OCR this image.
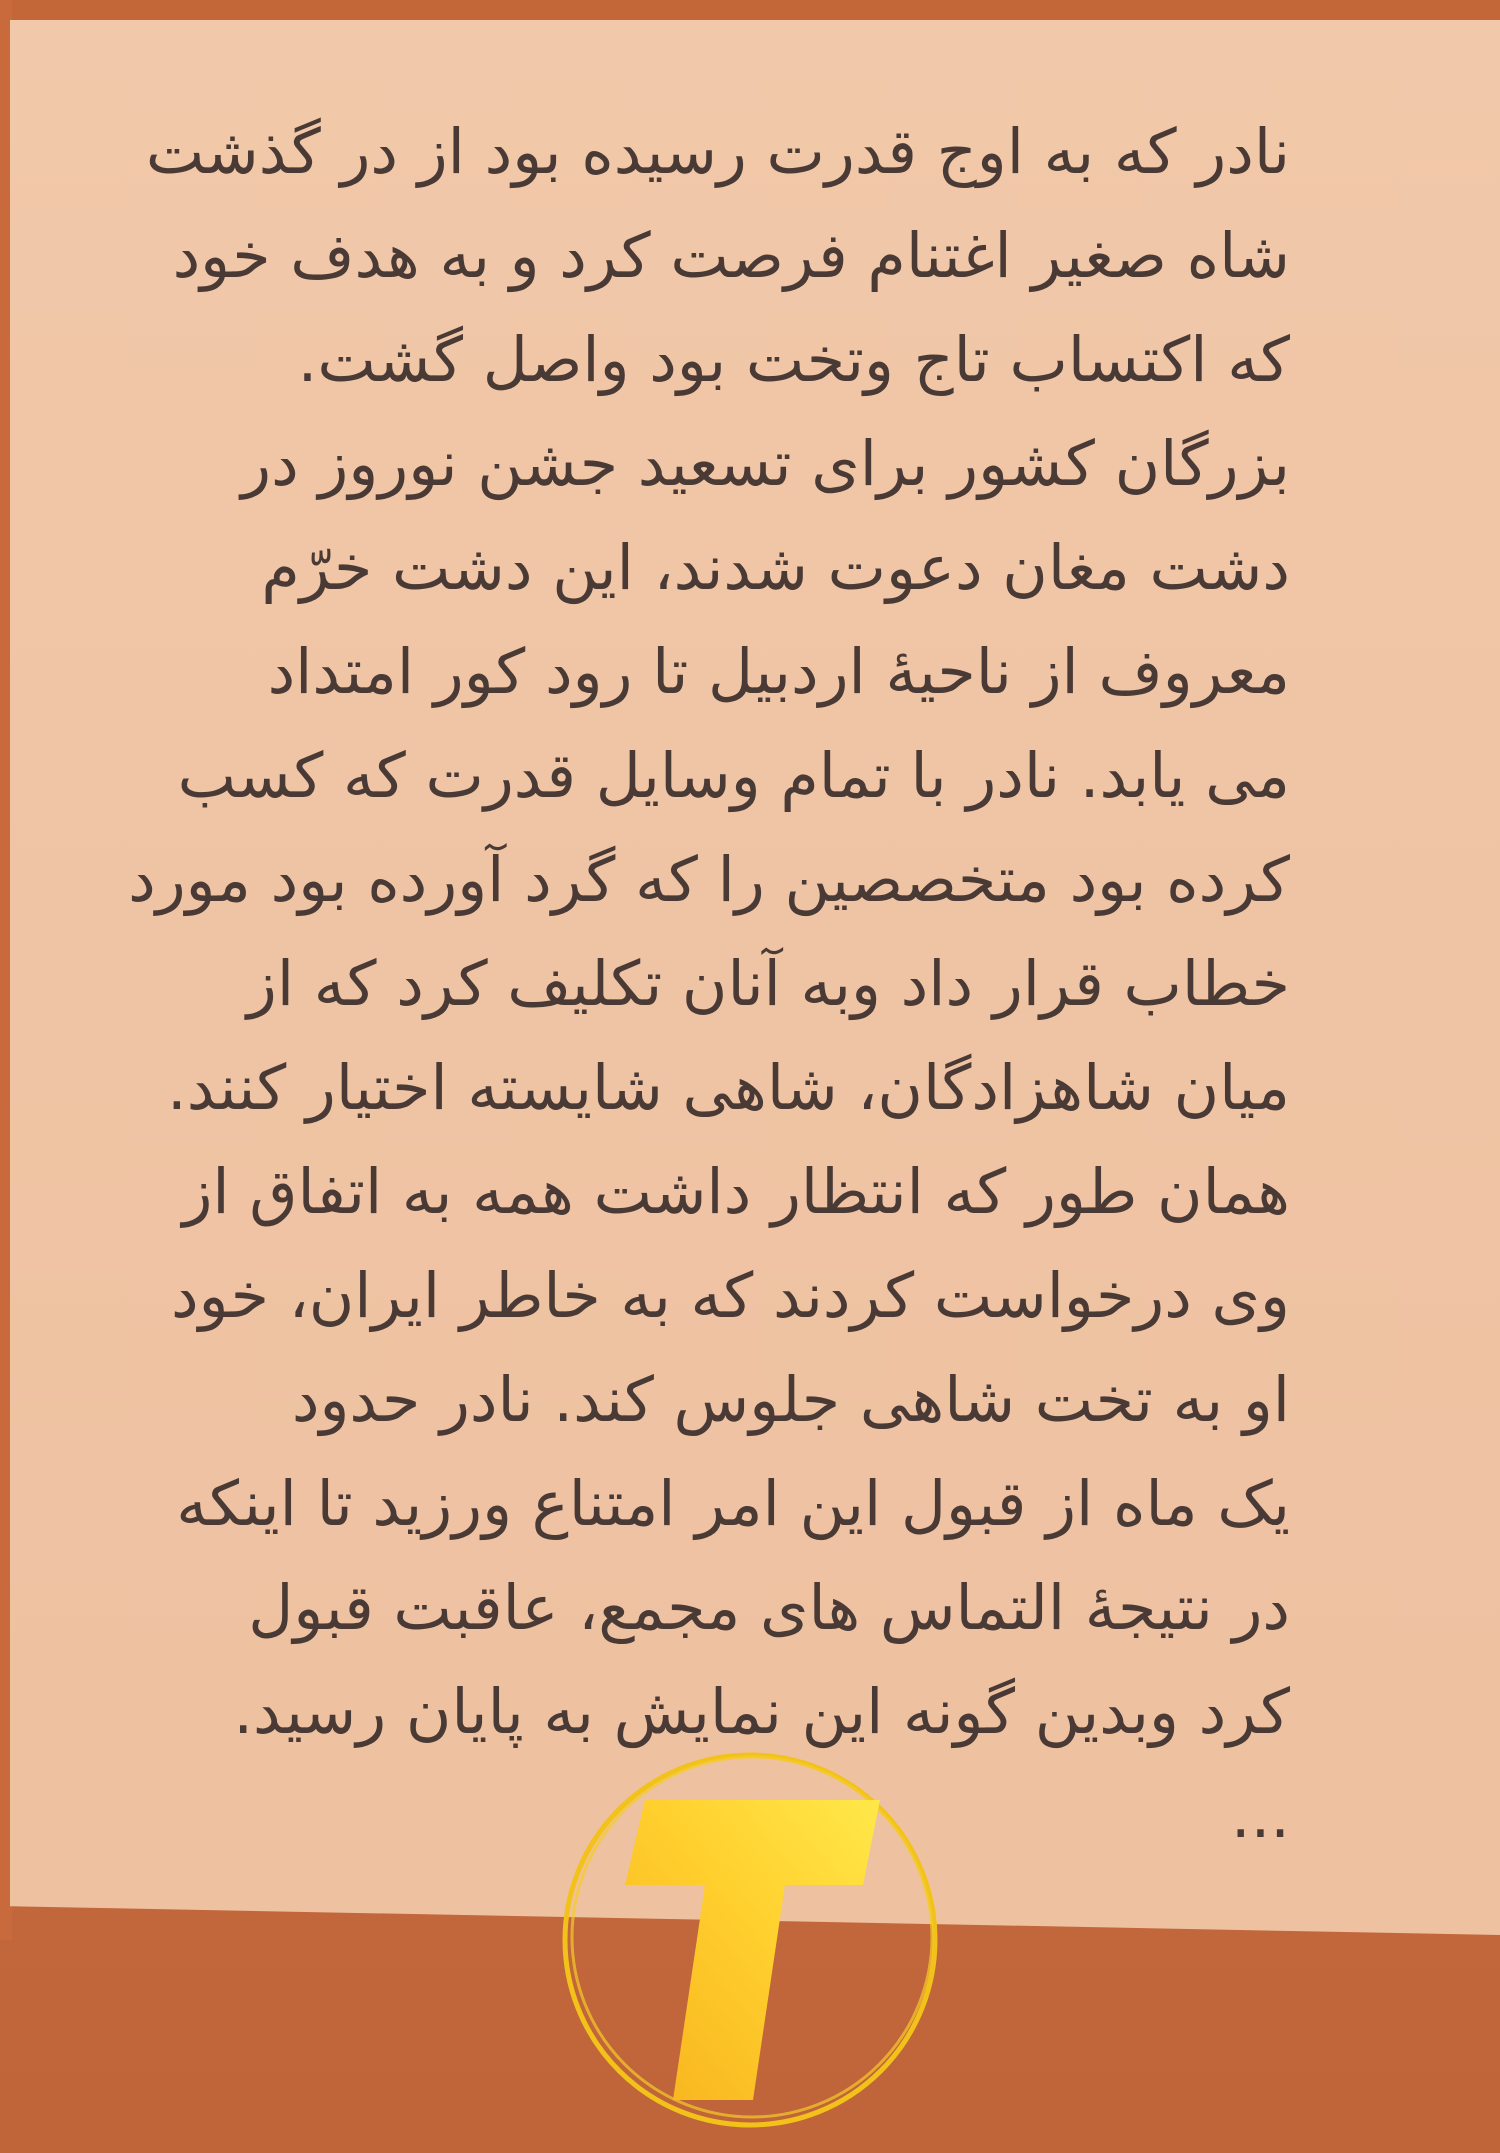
نادر که به اوج قدرت رسیده بود از در گذشت
شاه صغیر اغتنام فرصت کرد و به هدف خود
که اکتساب تاج وتخت بود واصل گشت.
بزرگان کشور برای تسعید جشن نوروز در
دشت مغان دعوت شدند، این دشت خرّم
معروف از ناحیهٔ اردبیل تا رود کور امتداد
می یابد. نادر با تمام وسایل قدرت که کسب
کرده بود متخصصین را که گرد آورده بود مورد
خطاب قرار داد وبه آنان تکلیف کرد که از
میان شاهزادگان، شاهی شایسته اختیار کنند.
همان طور که انتظار داشت همه به اتفاق از
وی درخواست کردند که به خاطر ایران، خود
او به تخت شاهی جلوس کند. نادر حدود
یک ماه از قبول این امر امتناع ورزید تا اینکه
در نتیجهٔ التماس های مجمع، عاقبت قبول
کرد وبدین گونه این نمایش به پایان رسید.
...
